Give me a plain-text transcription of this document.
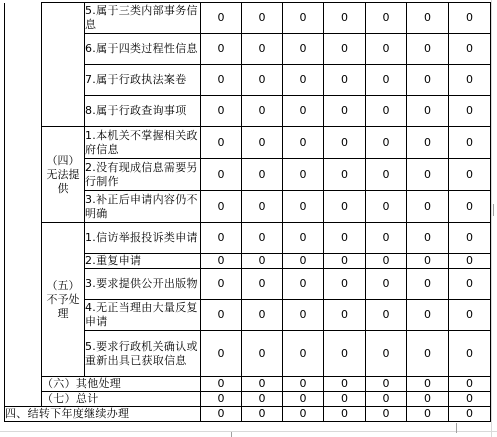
		5.属于三类内部事务信息	0	0	0	0	0	0	0
		6.属于四类过程性信息	0	0	0	0	0	0	0
		7.属于行政执法案卷	0	0	0	0	0	0	0
		8.属于行政查询事项	0	0	0	0	0	0	0
	（四）无法提供	1.本机关不掌握相关政府信息	0	0	0	0	0	0	0
		2.没有现成信息需要另行制作	0	0	0	0	0	0	0
		3.补正后申请内容仍不明确	0	0	0	0	0	0	0
	（五）不予处理	1.信访举报投诉类申请	0	0	0	0	0	0	0
		2.重复申请	0	0	0	0	0	0	0
		3.要求提供公开出版物	0	0	0	0	0	0	0
		4.无正当理由大量反复申请	0	0	0	0	0	0	0
		5.要求行政机关确认或重新出具已获取信息	0	0	0	0	0	0	0
	（六）其他处理		0	0	0	0	0	0	0
	（七）总计		0	0	0	0	0	0	0
四、结转下年度继续办理			0	0	0	0	0	0	0
